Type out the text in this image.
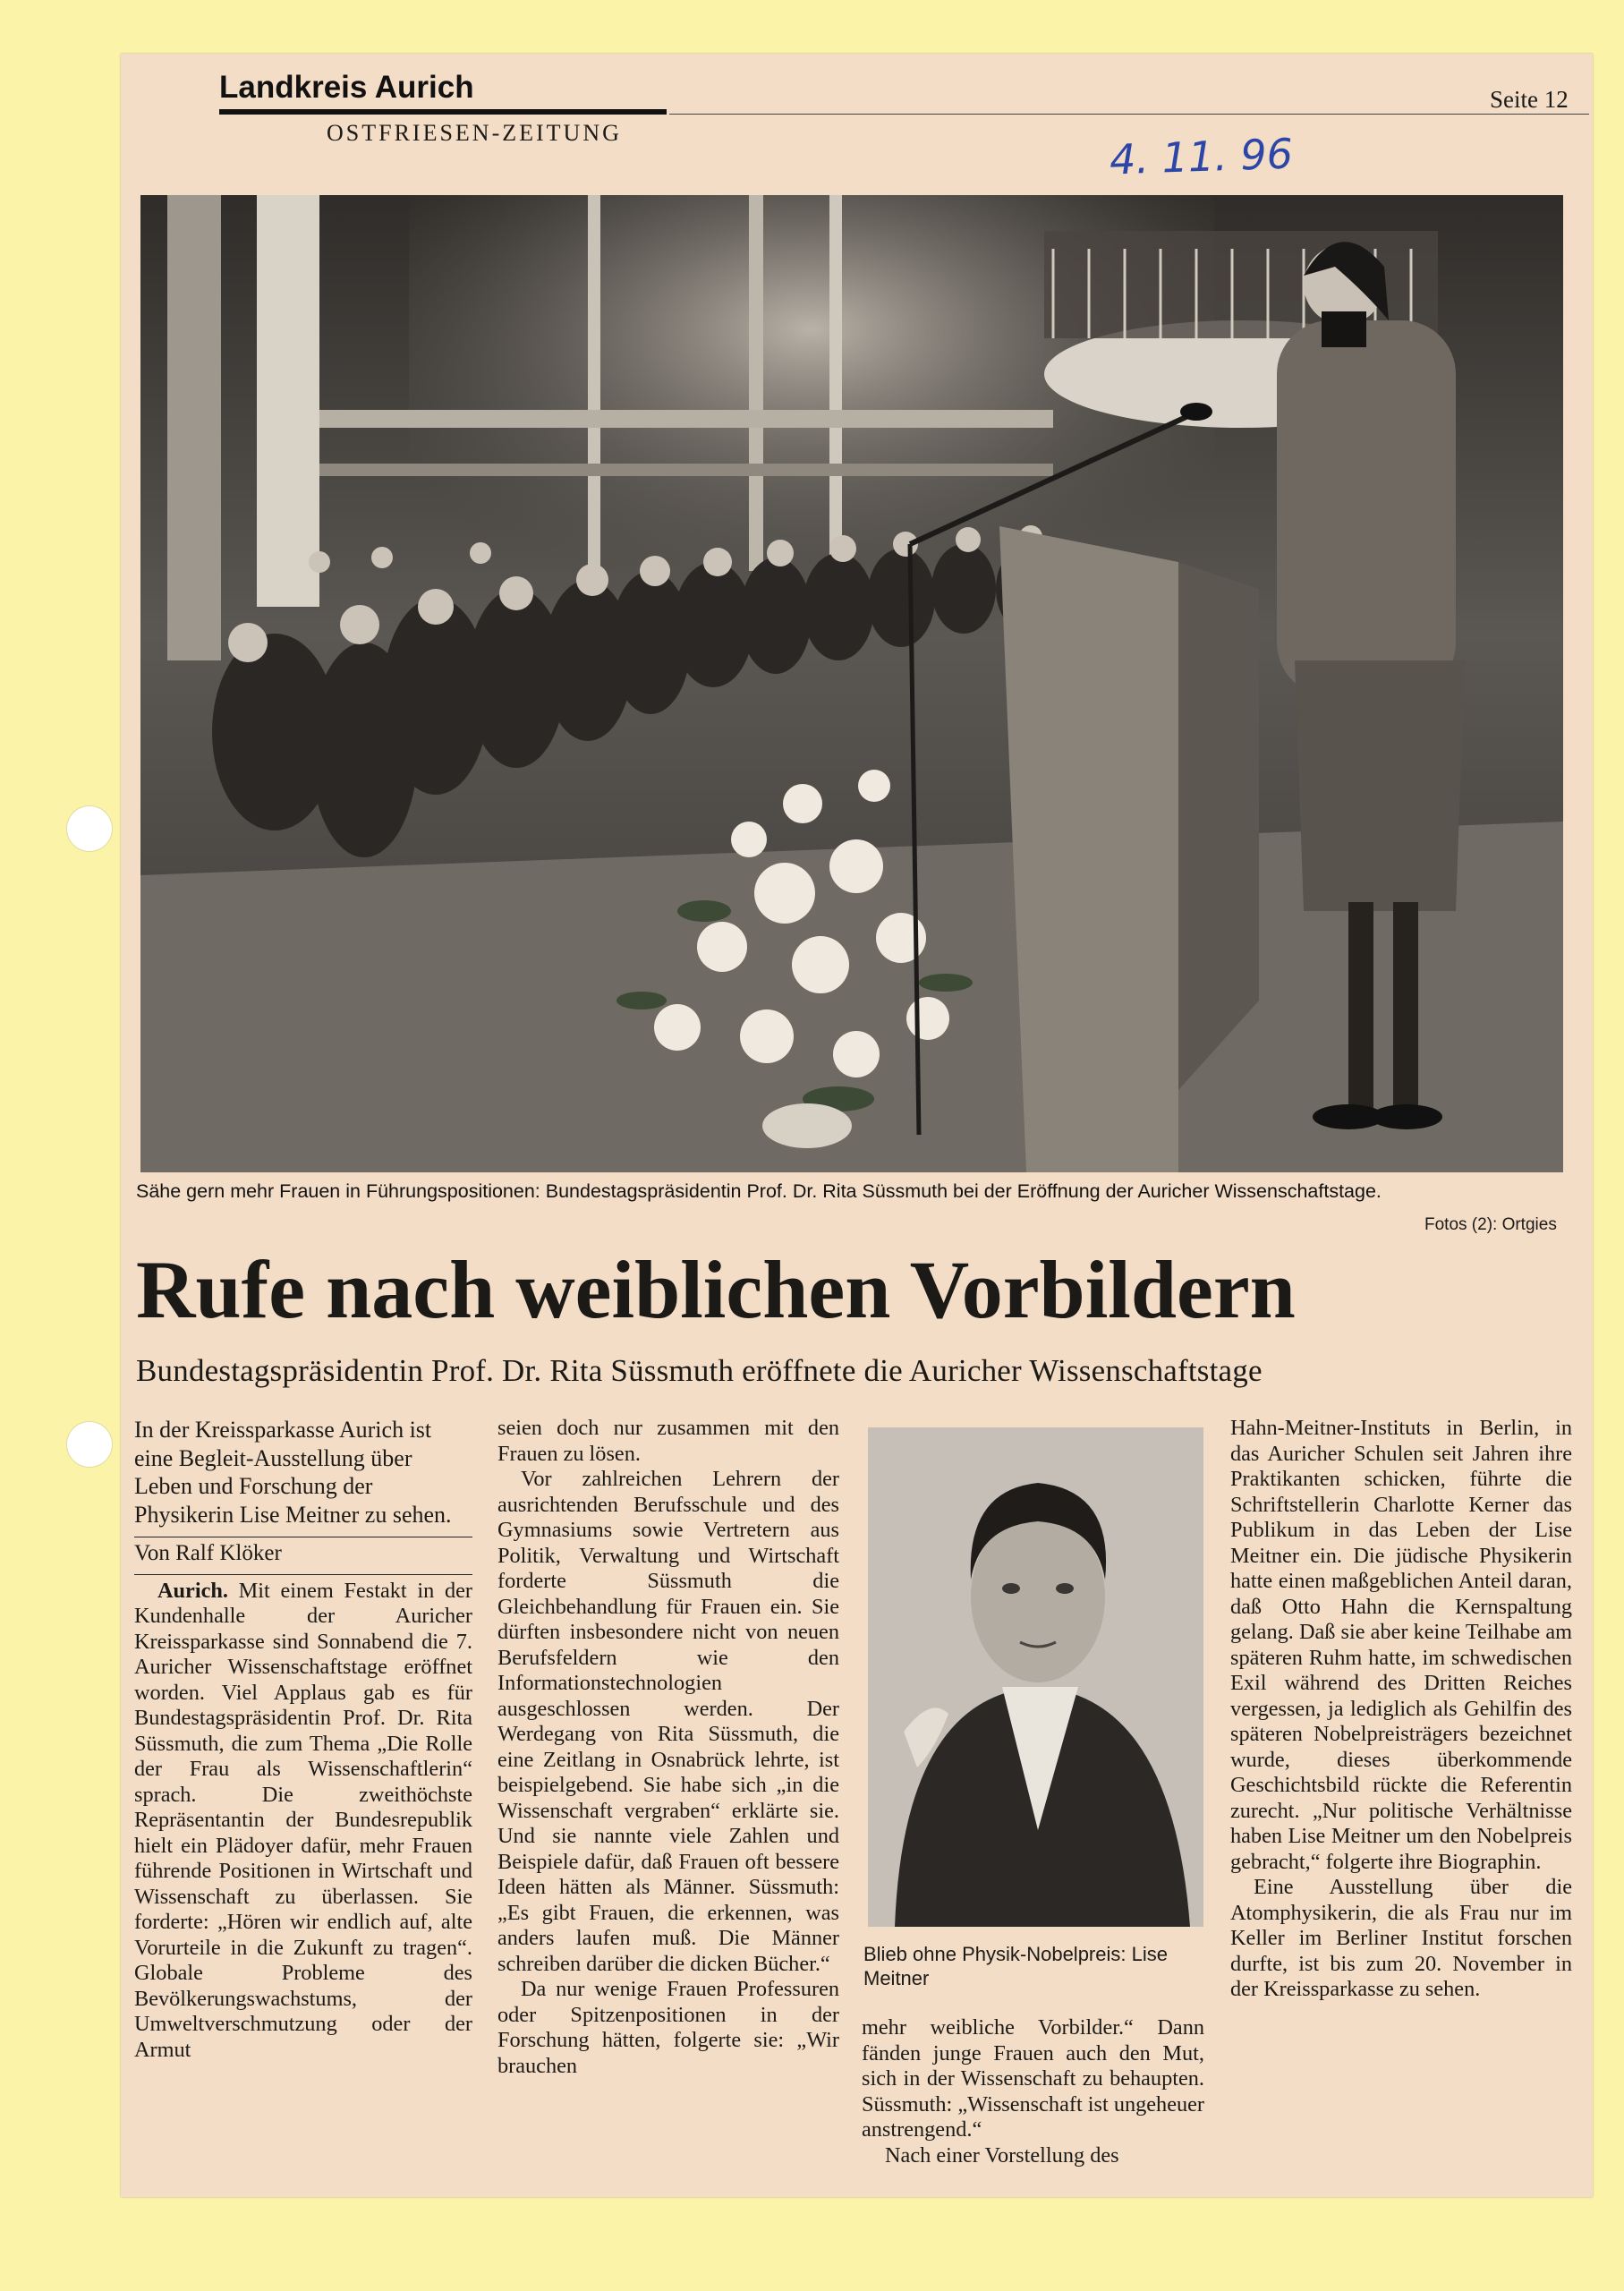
Landkreis Aurich
OSTFRIESEN-ZEITUNG
Seite 12
4. 11. 96
Sähe gern mehr Frauen in Führungspositionen: Bundestagspräsidentin Prof. Dr. Rita Süssmuth bei der Eröffnung der Auricher Wissenschaftstage.
Fotos (2): Ortgies
Rufe nach weiblichen Vorbildern
Bundestagspräsidentin Prof. Dr. Rita Süssmuth eröffnete die Auricher Wissenschaftstage

In der Kreissparkasse Aurich ist eine Begleit-Ausstellung über Leben und Forschung der Physikerin Lise Meitner zu sehen.

Von Ralf Klöker

Aurich. Mit einem Festakt in der Kundenhalle der Auricher Kreissparkasse sind Sonnabend die 7. Auricher Wissenschaftstage eröffnet worden. Viel Applaus gab es für Bundestagspräsidentin Prof. Dr. Rita Süssmuth, die zum Thema „Die Rolle der Frau als Wissenschaftlerin“ sprach. Die zweithöchste Repräsentantin der Bundesrepublik hielt ein Plädoyer dafür, mehr Frauen führende Positionen in Wirtschaft und Wissenschaft zu überlassen. Sie forderte: „Hören wir endlich auf, alte Vorurteile in die Zukunft zu tragen“. Globale Probleme des Bevölkerungswachstums, der Umweltverschmutzung oder der Armut

seien doch nur zusammen mit den Frauen zu lösen.

Vor zahlreichen Lehrern der ausrichtenden Berufsschule und des Gymnasiums sowie Vertretern aus Politik, Verwaltung und Wirtschaft forderte Süssmuth die Gleichbehandlung für Frauen ein. Sie dürften insbesondere nicht von neuen Berufsfeldern wie den Informationstechnologien ausgeschlossen werden. Der Werdegang von Rita Süssmuth, die eine Zeitlang in Osnabrück lehrte, ist beispielgebend. Sie habe sich „in die Wissenschaft vergraben“ erklärte sie. Und sie nannte viele Zahlen und Beispiele dafür, daß Frauen oft bessere Ideen hätten als Männer. Süssmuth: „Es gibt Frauen, die erkennen, was anders laufen muß. Die Männer schreiben darüber die dicken Bücher.“

Da nur wenige Frauen Professuren oder Spitzenpositionen in der Forschung hätten, folgerte sie: „Wir brauchen

Blieb ohne Physik-Nobelpreis: Lise Meitner

mehr weibliche Vorbilder.“ Dann fänden junge Frauen auch den Mut, sich in der Wissenschaft zu behaupten. Süssmuth: „Wissenschaft ist ungeheuer anstrengend.“

Nach einer Vorstellung des

Hahn-Meitner-Instituts in Berlin, in das Auricher Schulen seit Jahren ihre Praktikanten schicken, führte die Schriftstellerin Charlotte Kerner das Publikum in das Leben der Lise Meitner ein. Die jüdische Physikerin hatte einen maßgeblichen Anteil daran, daß Otto Hahn die Kernspaltung gelang. Daß sie aber keine Teilhabe am späteren Ruhm hatte, im schwedischen Exil während des Dritten Reiches vergessen, ja lediglich als Gehilfin des späteren Nobelpreisträgers bezeichnet wurde, dieses überkommende Geschichtsbild rückte die Referentin zurecht. „Nur politische Verhältnisse haben Lise Meitner um den Nobelpreis gebracht,“ folgerte ihre Biographin.

Eine Ausstellung über die Atomphysikerin, die als Frau nur im Keller im Berliner Institut forschen durfte, ist bis zum 20. November in der Kreissparkasse zu sehen.
